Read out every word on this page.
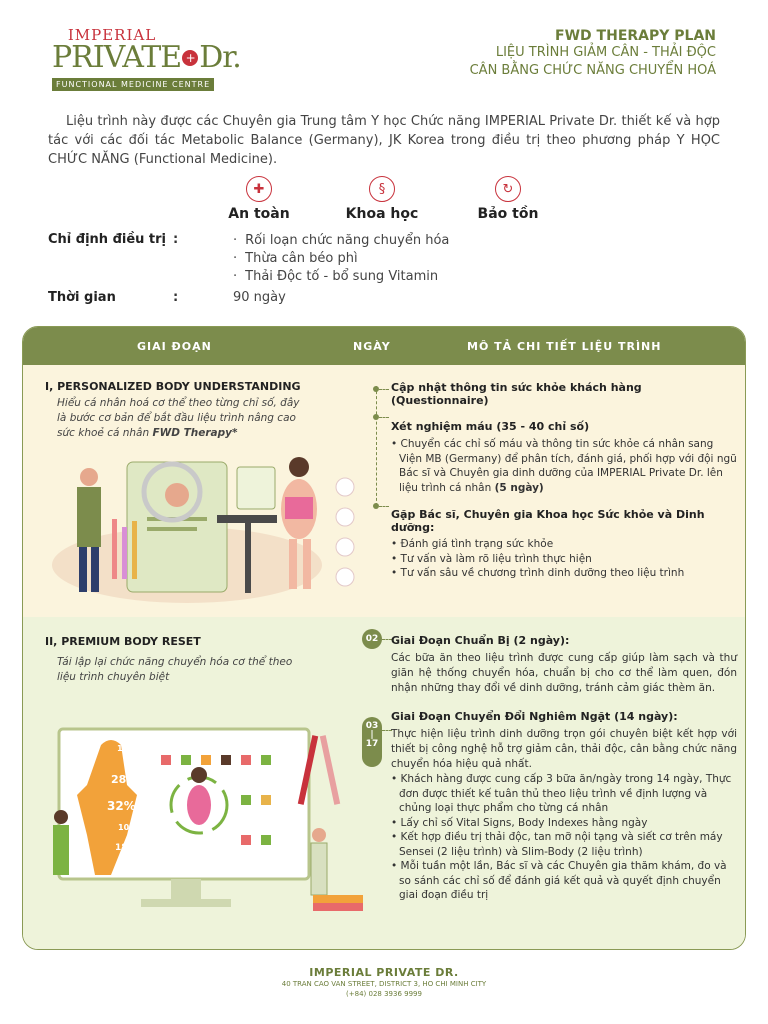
IMPERIAL
PRIVATE + Dr.
FUNCTIONAL MEDICINE CENTRE
FWD THERAPY PLAN
LIỆU TRÌNH GIẢM CÂN - THẢI ĐỘC
CÂN BẰNG CHỨC NĂNG CHUYỂN HOÁ

Liệu trình này được các Chuyên gia Trung tâm Y học Chức năng IMPERIAL Private Dr. thiết kế và hợp tác với các đối tác Metabolic Balance (Germany), JK Korea trong điều trị theo phương pháp Y HỌC CHỨC NĂNG (Functional Medicine).

✚
An toàn
§
Khoa học
↻
Bảo tồn
Chỉ định điều trị :
·	Rối loạn chức năng chuyển hóa
· Thừa cân béo phì
· Thải Độc tố - bổ sung Vitamin
Thời gian	:	90 ngày
GIAI ĐOẠN	NGÀY	MÔ TẢ CHI TIẾT LIỆU TRÌNH
I, PERSONALIZED BODY UNDERSTANDING
Hiểu cá nhân hoá cơ thể theo từng chỉ số, đây là bước cơ bản để bắt đầu liệu trình nâng cao sức khoẻ cá nhân FWD Therapy*
Cập nhật thông tin sức khỏe khách hàng (Questionnaire)
Xét nghiệm máu (35 - 40 chỉ số)
• Chuyển các chỉ số máu và thông tin sức khỏe cá nhân sang Viện MB (Germany) để phân tích, đánh giá, phối hợp với đội ngũ Bác sĩ và Chuyên gia dinh dưỡng của IMPERIAL Private Dr. lên liệu trình cá nhân (5 ngày)
Gặp Bác sĩ, Chuyên gia Khoa học Sức khỏe và Dinh dưỡng:
• Đánh giá tình trạng sức khỏe
• Tư vấn và làm rõ liệu trình thực hiện
• Tư vấn sâu về chương trình dinh dưỡng theo liệu trình
II, PREMIUM BODY RESET
Tái lập lại chức năng chuyển hóa cơ thể theo liệu trình chuyên biệt
12%
28%
32%
10%
18%
02
03
|
17
Giai Đoạn Chuẩn Bị (2 ngày):

Các bữa ăn theo liệu trình được cung cấp giúp làm sạch và thư giãn hệ thống chuyển hóa, chuẩn bị cho cơ thể làm quen, đón nhận những thay đổi về dinh dưỡng, tránh cảm giác thèm ăn.

Giai Đoạn Chuyển Đổi Nghiêm Ngặt (14 ngày):

Thực hiện liệu trình dinh dưỡng trọn gói chuyên biệt kết hợp với thiết bị công nghệ hỗ trợ giảm cân, thải độc, cân bằng chức năng chuyển hóa hiệu quả nhất.

• Khách hàng được cung cấp 3 bữa ăn/ngày trong 14 ngày, Thực đơn được thiết kế tuân thủ theo liệu trình về định lượng và chủng loại thực phẩm cho từng cá nhân
• Lấy chỉ số Vital Signs, Body Indexes hằng ngày
• Kết hợp điều trị thải độc, tan mỡ nội tạng và siết cơ trên máy Sensei (2 liệu trình) và Slim-Body (2 liệu trình)
• Mỗi tuần một lần, Bác sĩ và các Chuyên gia thăm khám, đo và so sánh các chỉ số để đánh giá kết quả và quyết định chuyển giai đoạn điều trị
IMPERIAL PRIVATE DR.
40 TRAN CAO VAN STREET, DISTRICT 3, HO CHI MINH CITY
(+84) 028 3936 9999
